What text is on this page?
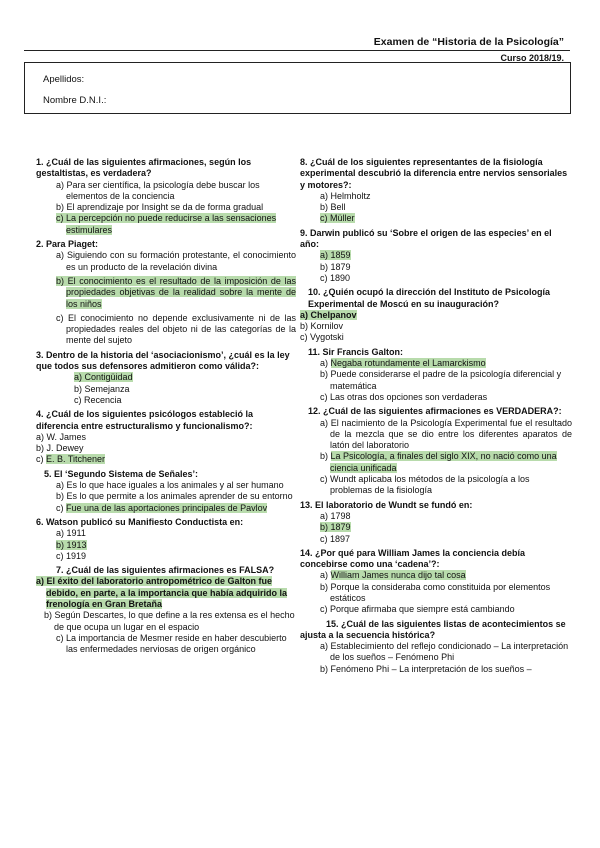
Examen de “Historia de la Psicología”
Curso 2018/19.
Apellidos:
Nombre D.N.I.:
1. ¿Cuál de las siguientes afirmaciones, según los gestaltistas, es verdadera?
a) Para ser científica, la psicología debe buscar los elementos de la conciencia
b) El aprendizaje por Insight se da de forma gradual
c) La percepción no puede reducirse a las sensaciones estimulares
2. Para Piaget:
a) Siguiendo con su formación protestante, el conocimiento es un producto de la revelación divina
b) El conocimiento es el resultado de la imposición de las propiedades objetivas de la realidad sobre la mente de los niños
c) El conocimiento no depende exclusivamente ni de las propiedades reales del objeto ni de las categorías de la mente del sujeto
3. Dentro de la historia del ‘asociacionismo’, ¿cuál es la ley que todos sus defensores admitieron como válida?:
a) Contigüidad
b) Semejanza
c) Recencia
4. ¿Cuál de los siguientes psicólogos estableció la diferencia entre estructuralismo y funcionalismo?:
a) W. James
b) J. Dewey
c) E. B. Titchener
5. El ‘Segundo Sistema de Señales’:
a) Es lo que hace iguales a los animales y al ser humano
b) Es lo que permite a los animales aprender de su entorno
c) Fue una de las aportaciones principales de Pavlov
6. Watson publicó su Manifiesto Conductista en:
a) 1911
b) 1913
c) 1919
7. ¿Cuál de las siguientes afirmaciones es FALSA?
a) El éxito del laboratorio antropométrico de Galton fue debido, en parte, a la importancia que había adquirido la frenología en Gran Bretaña
b) Según Descartes, lo que define a la res extensa es el hecho de que ocupa un lugar en el espacio
c) La importancia de Mesmer reside en haber descubierto las enfermedades nerviosas de origen orgánico
8. ¿Cuál de los siguientes representantes de la fisiología experimental descubrió la diferencia entre nervios sensoriales y motores?:
a) Helmholtz
b) Bell
c) Müller
9. Darwin publicó su ‘Sobre el origen de las especies’ en el año:
a) 1859
b) 1879
c) 1890
10. ¿Quién ocupó la dirección del Instituto de Psicología Experimental de Moscú en su inauguración?
a) Chelpanov
b) Kornilov
c) Vygotski
11. Sir Francis Galton:
a) Negaba rotundamente el Lamarckismo
b) Puede considerarse el padre de la psicología diferencial y matemática
c) Las otras dos opciones son verdaderas
12. ¿Cuál de las siguientes afirmaciones es VERDADERA?:
a) El nacimiento de la Psicología Experimental fue el resultado de la mezcla que se dio entre los diferentes aparatos de latón del laboratorio
b) La Psicología, a finales del siglo XIX, no nació como una ciencia unificada
c) Wundt aplicaba los métodos de la psicología a los problemas de la fisiología
13. El laboratorio de Wundt se fundó en:
a) 1798
b) 1879
c) 1897
14. ¿Por qué para William James la conciencia debía concebirse como una ‘cadena’?:
a) William James nunca dijo tal cosa
b) Porque la consideraba como constituida por elementos estáticos
c) Porque afirmaba que siempre está cambiando
15. ¿Cuál de las siguientes listas de acontecimientos se ajusta a la secuencia histórica?
a) Establecimiento del reflejo condicionado – La interpretación de los sueños – Fenómeno Phi
b) Fenómeno Phi – La interpretación de los sueños –
